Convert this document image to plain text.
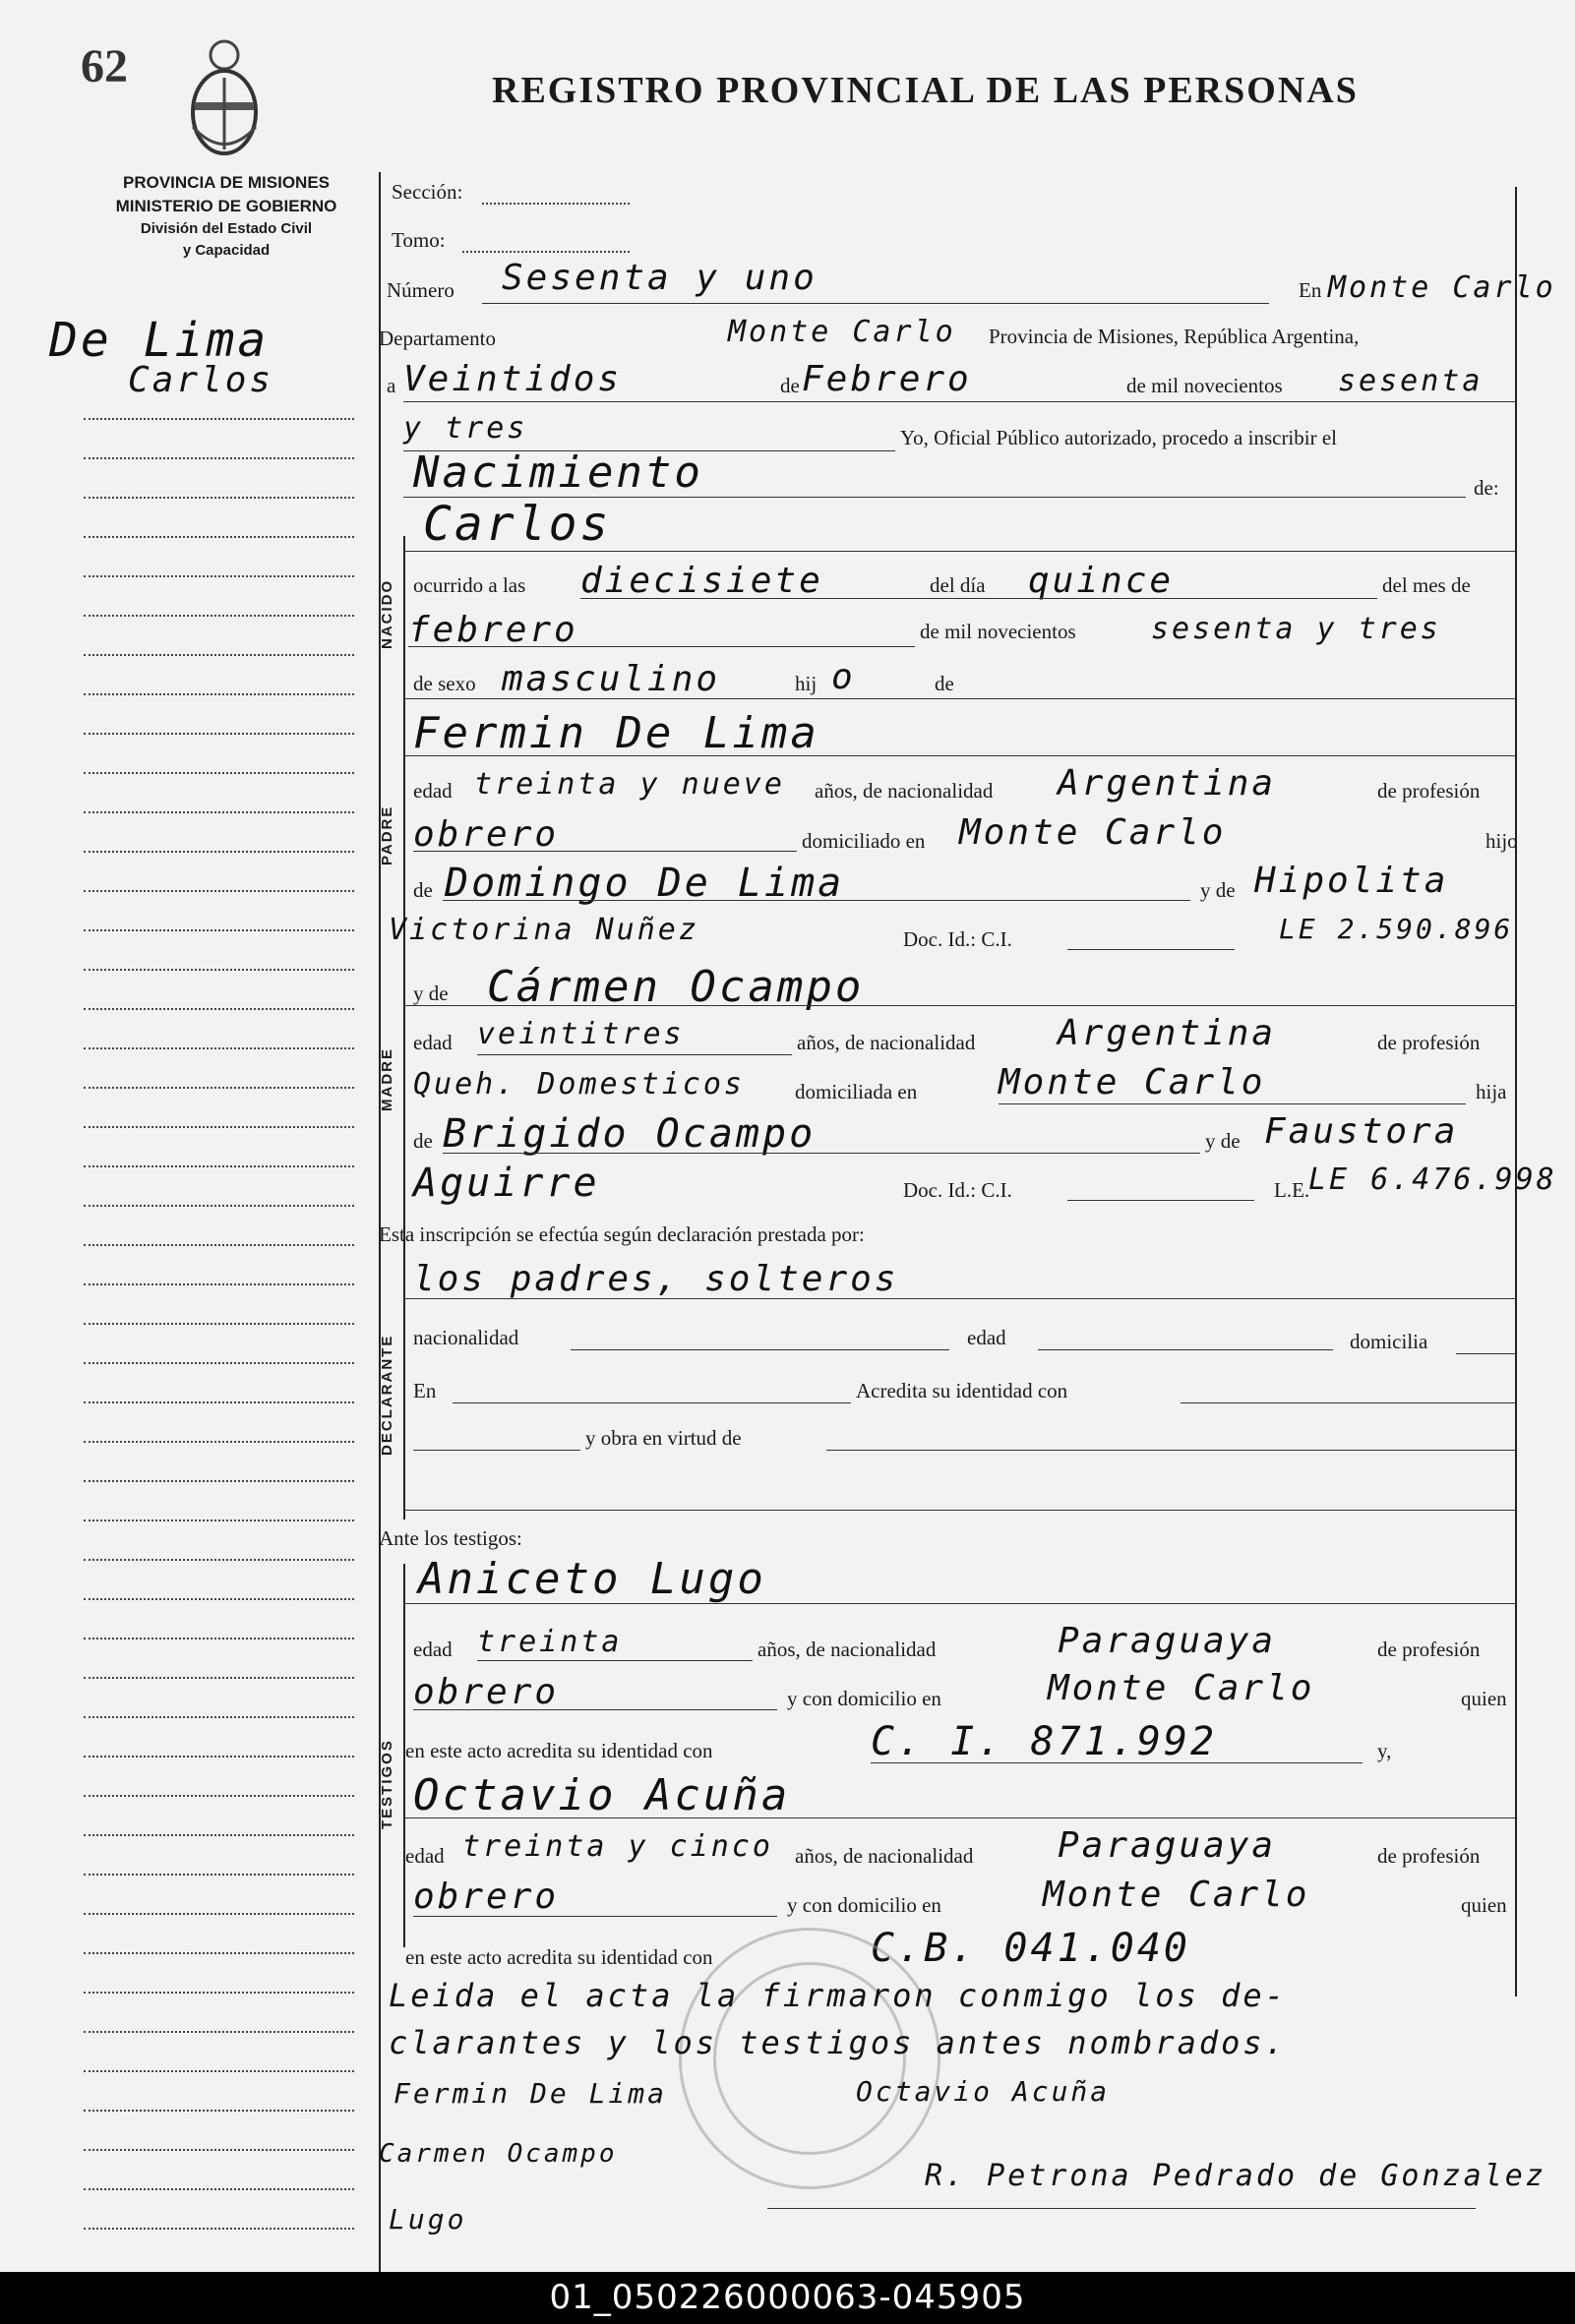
62	REGISTRO PROVINCIAL DE LAS PERSONAS
PROVINCIA DE MISIONES
MINISTERIO DE GOBIERNO
División del Estado Civil
y Capacidad
De Lima
Carlos
Sección:
Tomo:
Número Sesenta y uno	En Monte Carlo
Departamento	Monte Carlo Provincia de Misiones, República Argentina,
a Veintidos	de Febrero	de mil novecientos sesenta
y tres	Yo, Oficial Público autorizado, procedo a inscribir el
Nacimiento	de:
Carlos
NACIDO ocurrido a las diecisiete	del día quince	del mes de
febrero	de mil novecientos	sesenta y tres
de sexo masculino	hij o	de
Fermin De Lima
PADRE
edad treinta y nueve años, de nacionalidad Argentina	de profesión
obrero	domiciliado en Monte Carlo	hijo
de Domingo De Lima	y de Hipolita
Victorina Nuñez	Doc. Id.: C.I.	LE 2.590.896
y de Cármen Ocampo
MADRE
edad veintitres	años, de nacionalidad Argentina	de profesión
Queh. Domesticos domiciliada en Monte Carlo	hija
de Brigido Ocampo	y de Faustora
Aguirre	Doc. Id.: C.I.	L.E.
LE 6.476.998
Esta inscripción se efectúa según declaración prestada por:
los padres, solteros
DECLARANTE nacionalidad	edad	domicilia
En	Acredita su identidad con
y obra en virtud de
Ante los testigos:
Aniceto Lugo
TESTIGOS
edad treinta	años, de nacionalidad	Paraguaya	de profesión
obrero	y con domicilio en	Monte Carlo	quien
en este acto acredita su identidad con	C. I. 871.992	y,
Octavio Acuña
edad treinta y cinco años, de nacionalidad Paraguaya	de profesión
obrero	y con domicilio en	Monte Carlo	quien
en este acto acredita su identidad con	C.B. 041.040
Leida el acta la firmaron conmigo los de-
clarantes y los testigos antes nombrados.
Fermin De Lima	Octavio Acuña
Carmen Ocampo
Lugo
R. Petrona Pedrado de Gonzalez
01_050226000063-045905
